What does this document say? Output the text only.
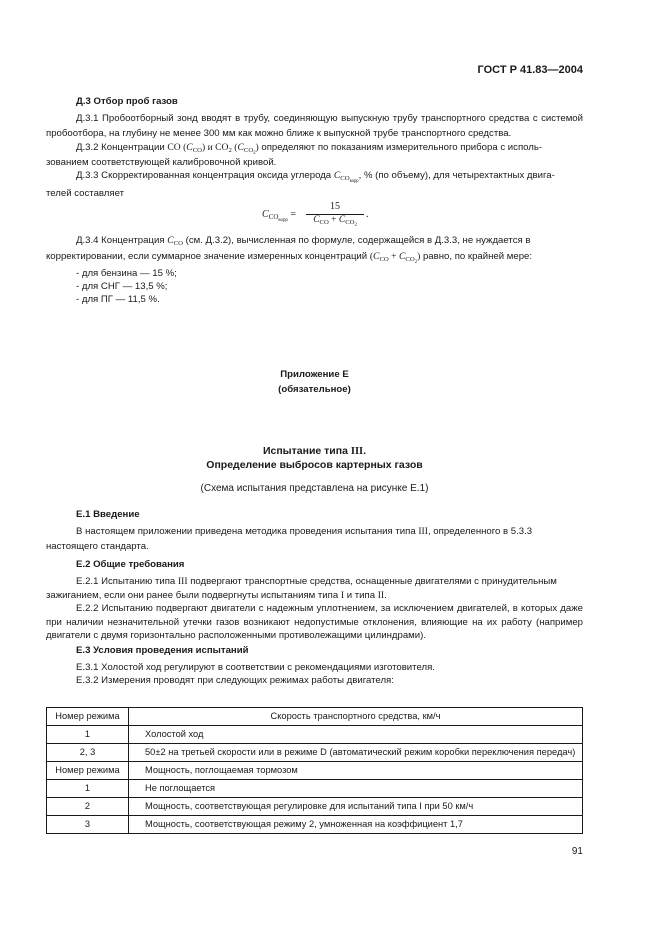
ГОСТ Р 41.83—2004
Д.3 Отбор проб газов
Д.3.1 Пробоотборный зонд вводят в трубу, соединяющую выпускную трубу транспортного средства с системой пробоотбора, на глубину не менее 300 мм как можно ближе к выпускной трубе транспортного средства.
Д.3.2 Концентрации CO $(C_{CO})$ и $CO_2$ $(C_{CO_2})$ определяют по показаниям измерительного прибора с исполь-
зованием соответствующей калибровочной кривой.
Д.3.3 Скорректированная концентрация оксида углерода $C_{CO_{корр}}$, % (по объему), для четырехтактных двига-
телей составляет
$C_{CO_{корр}}$ =
15
$C_{CO} + C_{CO_2}$
.
Д.3.4 Концентрация $C_{CO}$ (см. Д.3.2), вычисленная по формуле, содержащейся в Д.3.3, не нуждается в
корректировании, если суммарное значение измеренных концентраций $(C_{CO} + C_{CO_2})$ равно, по крайней мере:
- для бензина — 15 %;
- для СНГ — 13,5 %;
- для ПГ — 11,5 %.
Приложение Е
(обязательное)
Испытание типа III.
Определение выбросов картерных газов
(Схема испытания представлена на рисунке Е.1)
Е.1 Введение
В настоящем приложении приведена методика проведения испытания типа III, определенного в 5.3.3
настоящего стандарта.
Е.2 Общие требования
Е.2.1 Испытанию типа III подвергают транспортные средства, оснащенные двигателями с принудительным
зажиганием, если они ранее были подвергнуты испытаниям типа I и типа II.
Е.2.2 Испытанию подвергают двигатели с надежным уплотнением, за исключением двигателей, в которых даже при наличии незначительной утечки газов возникают недопустимые отклонения, влияющие на их работу (например двигатели с двумя горизонтально расположенными противолежащими цилиндрами).
Е.3 Условия проведения испытаний
Е.3.1 Холостой ход регулируют в соответствии с рекомендациями изготовителя.
Е.3.2 Измерения проводят при следующих режимах работы двигателя:
Номер режима	Скорость транспортного средства, км/ч
1	Холостой ход
2, 3	50±2 на третьей скорости или в режиме D (автоматический режим коробки переключения передач)
Номер режима	Мощность, поглощаемая тормозом
1	Не поглощается
2	Мощность, соответствующая регулировке для испытаний типа I при 50 км/ч
3	Мощность, соответствующая режиму 2, умноженная на коэффициент 1,7
91
